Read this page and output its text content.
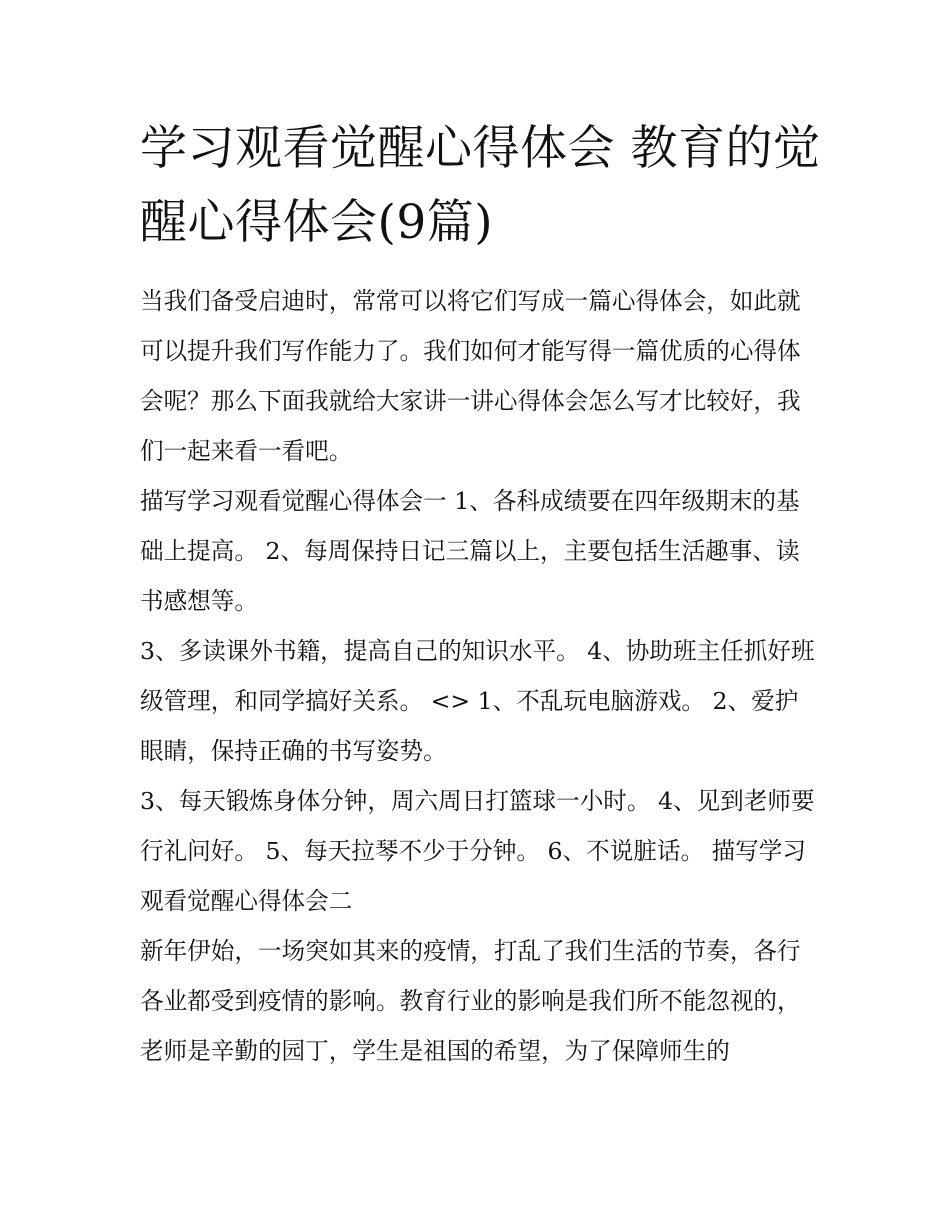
学习观看觉醒心得体会 教育的觉醒心得体会(9篇)

当我们备受启迪时，常常可以将它们写成一篇心得体会，如此就可以提升我们写作能力了。我们如何才能写得一篇优质的心得体会呢？那么下面我就给大家讲一讲心得体会怎么写才比较好，我们一起来看一看吧。

描写学习观看觉醒心得体会一 1、各科成绩要在四年级期末的基础上提高。 2、每周保持日记三篇以上，主要包括生活趣事、读书感想等。

3、多读课外书籍，提高自己的知识水平。 4、协助班主任抓好班级管理，和同学搞好关系。 <> 1、不乱玩电脑游戏。 2、爱护眼睛，保持正确的书写姿势。

3、每天锻炼身体分钟，周六周日打篮球一小时。 4、见到老师要行礼问好。 5、每天拉琴不少于分钟。 6、不说脏话。 描写学习观看觉醒心得体会二

新年伊始，一场突如其来的疫情，打乱了我们生活的节奏，各行各业都受到疫情的影响。教育行业的影响是我们所不能忽视的，老师是辛勤的园丁，学生是祖国的希望，为了保障师生的
